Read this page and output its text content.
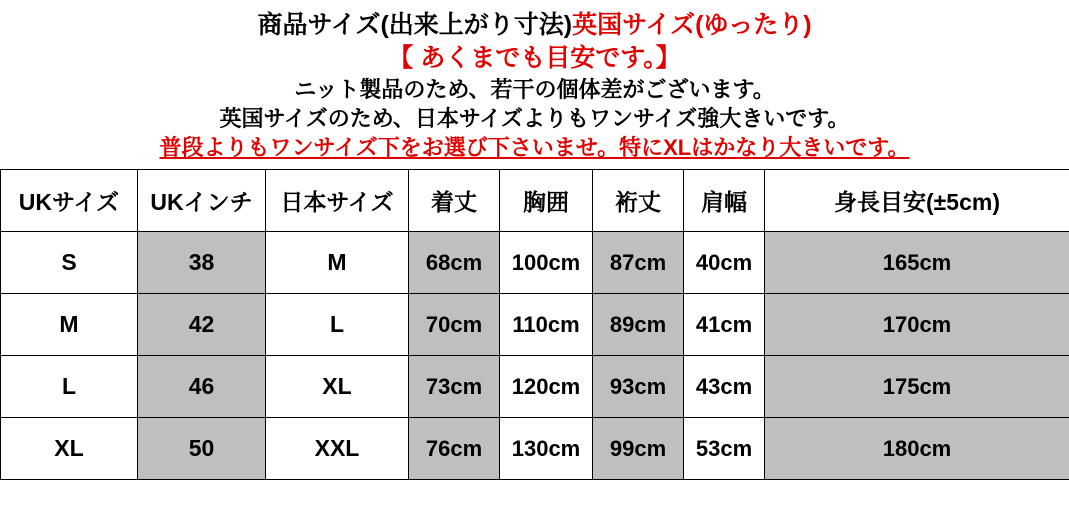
商品サイズ(出来上がり寸法)英国サイズ(ゆったり)
【 あくまでも目安です。】
ニット製品のため、若干の個体差がございます。
英国サイズのため、日本サイズよりもワンサイズ強大きいです。
普段よりもワンサイズ下をお選び下さいませ。特にXLはかなり大きいです。
UKサイズ	UKインチ	日本サイズ	着丈	胸囲	裄丈	肩幅	身長目安(±5cm)
S	38	M	68cm	100cm	87cm	40cm	165cm
M	42	L	70cm	110cm	89cm	41cm	170cm
L	46	XL	73cm	120cm	93cm	43cm	175cm
XL	50	XXL	76cm	130cm	99cm	53cm	180cm
